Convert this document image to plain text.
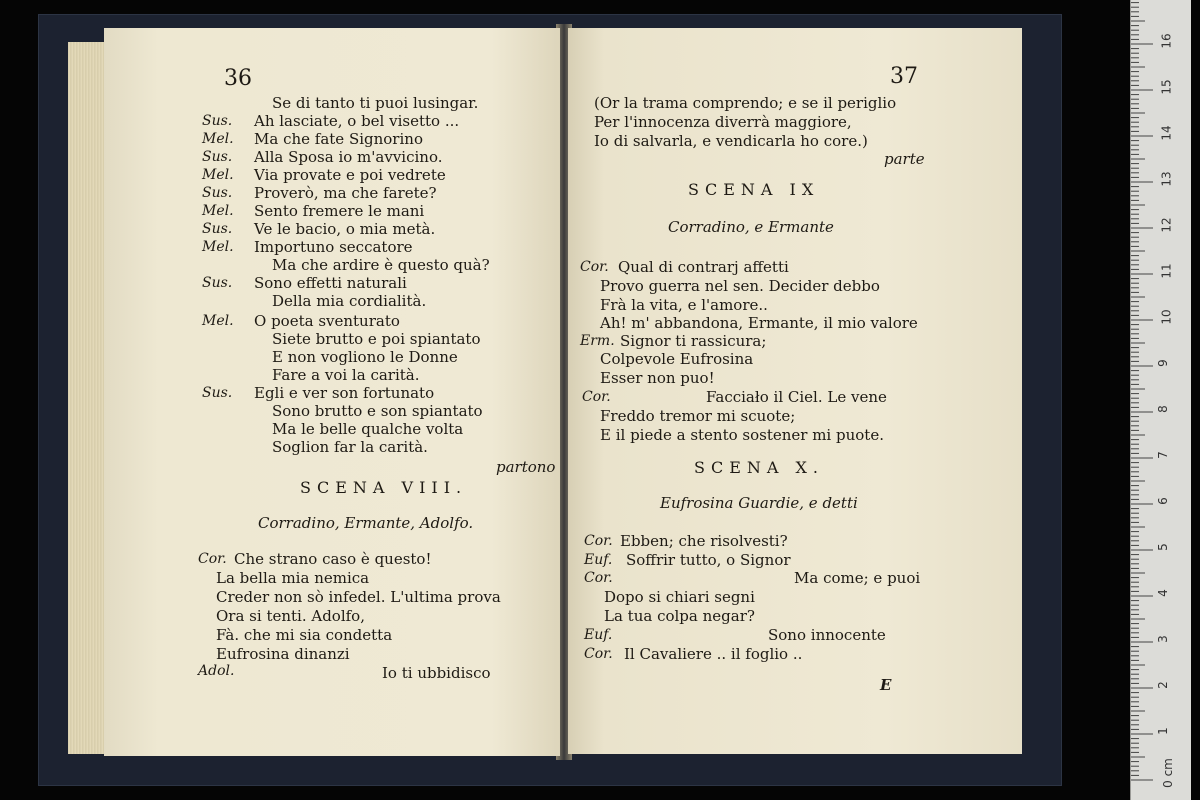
36
Se di tanto ti puoi lusingar.
Sus. Ah lasciate, o bel visetto ...
Mel. Ma che fate Signorino
Sus. Alla Sposa io m'avvicino.
Mel. Via provate e poi vedrete
Sus. Proverò, ma che farete?
Mel. Sento fremere le mani
Sus. Ve le bacio, o mia metà.
Mel. Importuno seccatore
Ma che ardire è questo quà?
Sus. Sono effetti naturali
Della mia cordialità.
Mel. O poeta sventurato
Siete brutto e poi spiantato
E non vogliono le Donne
Fare a voi la carità.
Sus. Egli e ver son fortunato
Sono brutto e son spiantato
Ma le belle qualche volta
Soglion far la carità.
partono
SCENA VIII.
Corradino, Ermante, Adolfo.
Cor. Che strano caso è questo!
La bella mia nemica
Creder non sò infedel. L'ultima prova
Ora si tenti. Adolfo,
Fà. che mi sia condetta
Eufrosina dinanzi
Adol.	Io ti ubbidisco
37
(Or la trama comprendo; e se il periglio
Per l'innocenza diverrà maggiore,
Io di salvarla, e vendicarla ho core.)
parte
SCENA IX
Corradino, e Ermante
Cor. Qual di contrarj affetti
Provo guerra nel sen. Decider debbo
Frà la vita, e l'amore..
Ah! m' abbandona, Ermante, il mio valore
Erm. Signor ti rassicura;
Colpevole Eufrosina
Esser non puo!
Cor.	Facciało il Ciel. Le vene
Freddo tremor mi scuote;
E il piede a stento sostener mi puote.
SCENA X.
Eufrosina Guardie, e detti
Cor. Ebben; che risolvesti?
Euf. Soffrir tutto, o Signor
Cor.	Ma come; e puoi
Dopo si chiari segni
La tua colpa negar?
Euf.	Sono innocente
Cor. Il Cavaliere .. il foglio ..
E
16
15
14
13
12
11
10
9
8
7
6
5
4
3
2
1
0 cm
